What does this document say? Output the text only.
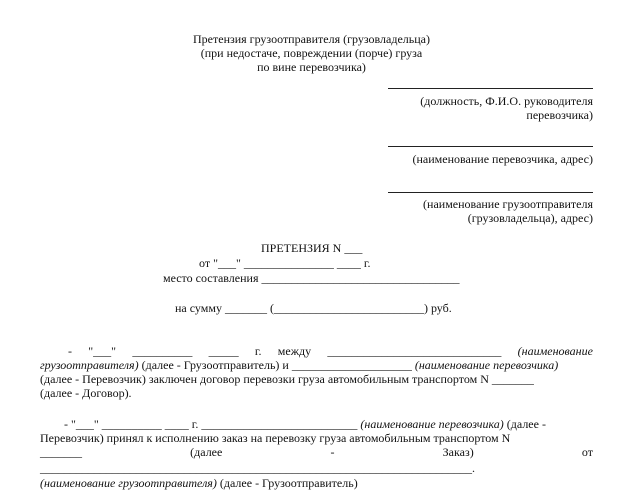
Претензия грузоотправителя (грузовладельца)
(при недостаче, повреждении (порче) груза
по вине перевозчика)
(должность, Ф.И.О. руководителя
перевозчика)
(наименование перевозчика, адрес)
(наименование грузоотправителя
(грузовладельца), адрес)
ПРЕТЕНЗИЯ N ___
от "___" _______________ ____ г.
место составления _________________________________
на сумму _______ (_________________________) руб.
- "___" __________ _____ г. между _____________________________ (наименование
грузоотправителя) (далее - Грузоотправитель) и ____________________ (наименование перевозчика)
(далее - Перевозчик) заключен договор перевозки груза автомобильным транспортом N _______
(далее - Договор).
- "___" __________ ____ г. __________________________ (наименование перевозчика) (далее -
Перевозчик) принял к исполнению заказ на перевозку груза автомобильным транспортом N
_______	(далее	-	Заказ)	от
________________________________________________________________________.
(наименование грузоотправителя) (далее - Грузоотправитель)
